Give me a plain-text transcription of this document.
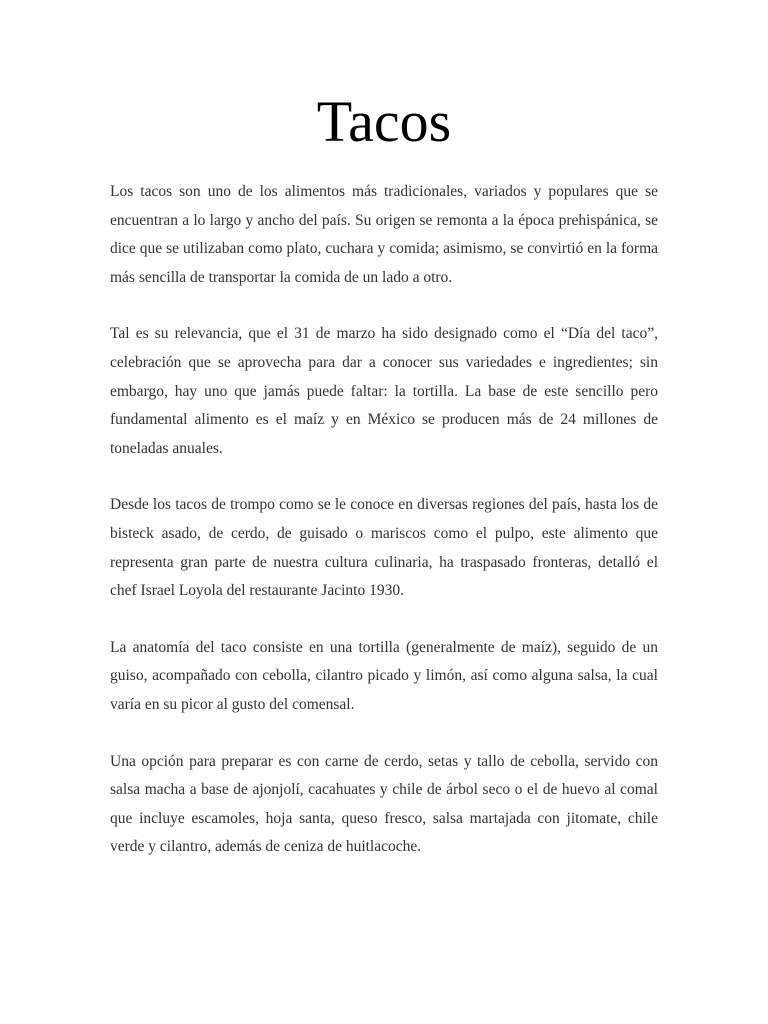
Tacos

Los tacos son uno de los alimentos más tradicionales, variados y populares que se encuentran a lo largo y ancho del país. Su origen se remonta a la época prehispánica, se dice que se utilizaban como plato, cuchara y comida; asimismo, se convirtió en la forma más sencilla de transportar la comida de un lado a otro.

Tal es su relevancia, que el 31 de marzo ha sido designado como el “Día del taco”, celebración que se aprovecha para dar a conocer sus variedades e ingredientes; sin embargo, hay uno que jamás puede faltar: la tortilla. La base de este sencillo pero fundamental alimento es el maíz y en México se producen más de 24 millones de toneladas anuales.

Desde los tacos de trompo como se le conoce en diversas regiones del país, hasta los de bisteck asado, de cerdo, de guisado o mariscos como el pulpo, este alimento que representa gran parte de nuestra cultura culinaria, ha traspasado fronteras, detalló el chef Israel Loyola del restaurante Jacinto 1930.

La anatomía del taco consiste en una tortilla (generalmente de maíz), seguido de un guiso, acompañado con cebolla, cilantro picado y limón, así como alguna salsa, la cual varía en su picor al gusto del comensal.

Una opción para preparar es con carne de cerdo, setas y tallo de cebolla, servido con salsa macha a base de ajonjolí, cacahuates y chile de árbol seco o el de huevo al comal que incluye escamoles, hoja santa, queso fresco, salsa martajada con jitomate, chile verde y cilantro, además de ceniza de huitlacoche.
